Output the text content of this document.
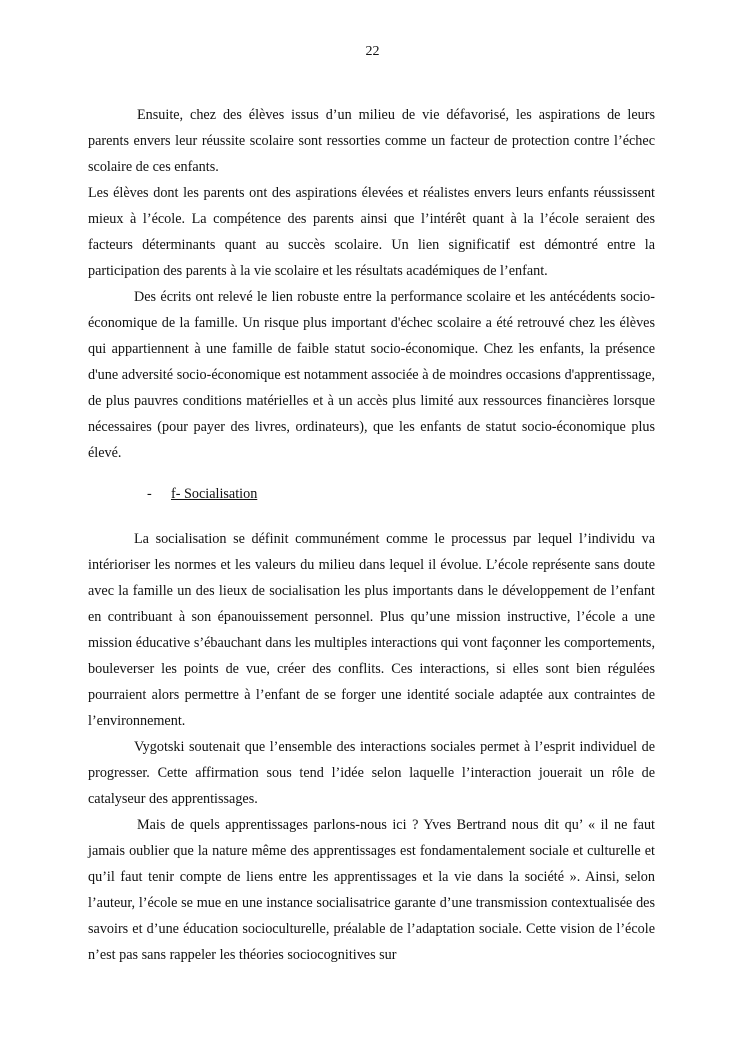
22

Ensuite, chez des élèves issus d’un milieu de vie défavorisé, les aspirations de leurs parents envers leur réussite scolaire sont ressorties comme un facteur de protection contre l’échec scolaire de ces enfants.

Les élèves dont les parents ont des aspirations élevées et réalistes envers leurs enfants réussissent mieux à l’école. La compétence des parents ainsi que l’intérêt quant à la l’école seraient des facteurs déterminants quant au succès scolaire. Un lien significatif est démontré entre la participation des parents à la vie scolaire et les résultats académiques de l’enfant.

Des écrits ont relevé le lien robuste entre la performance scolaire et les antécédents socio-économique de la famille. Un risque plus important d'échec scolaire a été retrouvé chez les élèves qui appartiennent à une famille de faible statut socio-économique. Chez les enfants, la présence d'une adversité socio-économique est notamment associée à de moindres occasions d'apprentissage, de plus pauvres conditions matérielles et à un accès plus limité aux ressources financières lorsque nécessaires (pour payer des livres, ordinateurs), que les enfants de statut socio-économique plus élevé.

- f- Socialisation

La socialisation se définit communément comme le processus par lequel l’individu va intérioriser les normes et les valeurs du milieu dans lequel il évolue. L’école représente sans doute avec la famille un des lieux de socialisation les plus importants dans le développement de l’enfant en contribuant à son épanouissement personnel. Plus qu’une mission instructive, l’école a une mission éducative s’ébauchant dans les multiples interactions qui vont façonner les comportements, bouleverser les points de vue, créer des conflits. Ces interactions, si elles sont bien régulées pourraient alors permettre à l’enfant de se forger une identité sociale adaptée aux contraintes de l’environnement.

Vygotski soutenait que l’ensemble des interactions sociales permet à l’esprit individuel de progresser. Cette affirmation sous tend l’idée selon laquelle l’interaction jouerait un rôle de catalyseur des apprentissages.

Mais de quels apprentissages parlons-nous ici ? Yves Bertrand nous dit qu’ « il ne faut jamais oublier que la nature même des apprentissages est fondamentalement sociale et culturelle et qu’il faut tenir compte de liens entre les apprentissages et la vie dans la société ». Ainsi, selon l’auteur, l’école se mue en une instance socialisatrice garante d’une transmission contextualisée des savoirs et d’une éducation socioculturelle, préalable de l’adaptation sociale. Cette vision de l’école n’est pas sans rappeler les théories sociocognitives sur
